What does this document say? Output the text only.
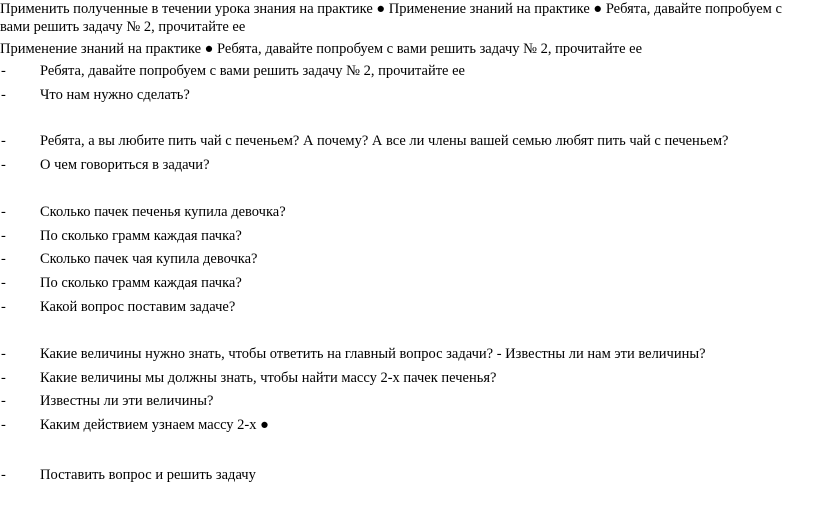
Применить полученные в течении урока знания на практике ● Применение знаний на практике ● Ребята, давайте попробуем с вами решить задачу № 2, прочитайте ее
Применение знаний на практике ● Ребята, давайте попробуем с вами решить задачу № 2, прочитайте ее
-	Ребята, давайте попробуем с вами решить задачу № 2, прочитайте ее
-	Что нам нужно сделать?
-	Ребята, а вы любите пить чай с печеньем? А почему? А все ли члены вашей семью любят пить чай с печеньем?
-	О чем говориться в задачи?
-	Сколько пачек печенья купила девочка?
-	По сколько грамм каждая пачка?
-	Сколько пачек чая купила девочка?
-	По сколько грамм каждая пачка?
-	Какой вопрос поставим задаче?
-	Какие величины нужно знать, чтобы ответить на главный вопрос задачи? - Известны ли нам эти величины?
-	Какие величины мы должны знать, чтобы найти массу 2-х пачек печенья?
-	Известны ли эти величины?
-	Каким действием узнаем массу 2-х ●
-	Поставить вопрос и решить задачу
